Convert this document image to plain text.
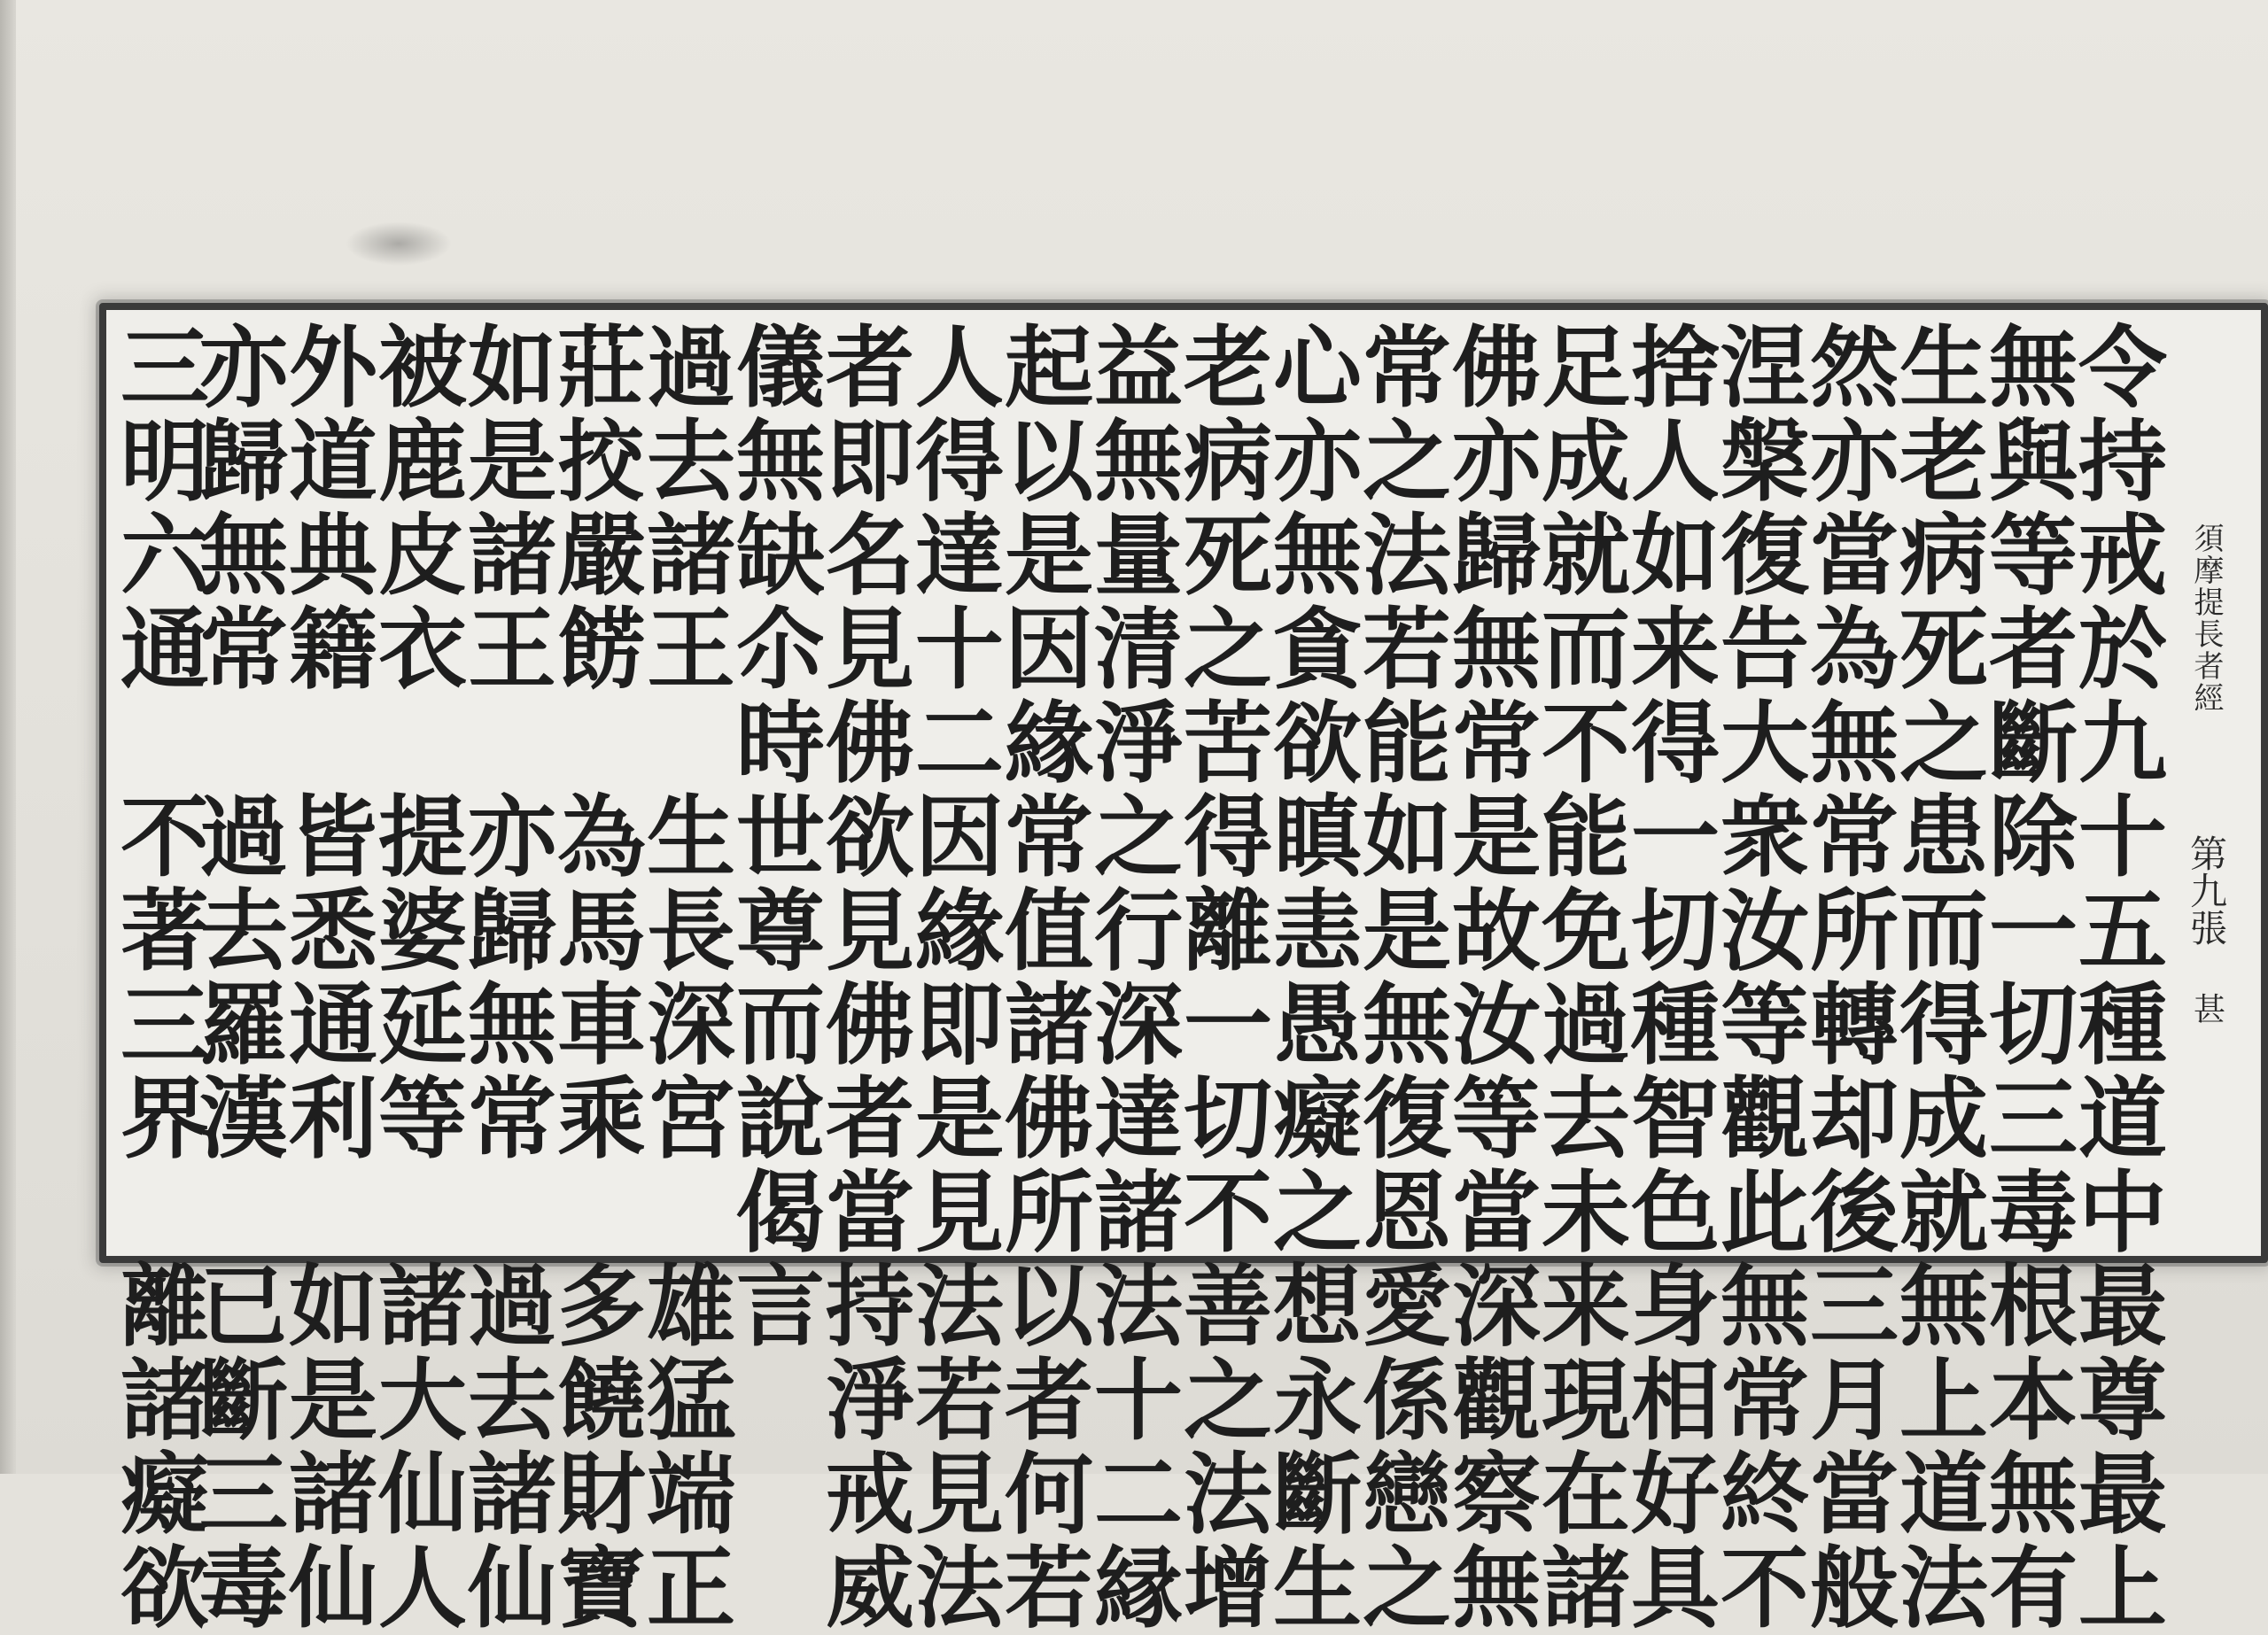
須摩提長者經
第九張
甚
令持戒於九十五種道中最尊最上
無與等者斷除一切三毒根本無有
生老病死之患而得成就無上道法
然亦當為無常所轉却後三月當般
涅槃復告大衆汝等觀此無常終不
捨人如来得一切種智色身相好具
足成就而不能免過去未来現在諸
佛亦歸無常是故汝等當深觀察無
常之法若能如是無復恩愛係戀之
心亦無貪欲瞋恚愚癡之想永斷生
老病死之苦得離一切不善之法增
益無量清淨之行深達諸法十二縁
起以是因緣常值諸佛所以者何若
人得達十二因緣即是見法若見法
者即名見佛欲見佛者當持淨戒威
儀無缺尒時世尊而說偈言
過去諸王　生長深宮　雄猛端正
莊挍嚴餝　為馬車乘　多饒財寶
如是諸王　亦歸無常　過去諸仙
被鹿皮衣　提婆延等　諸大仙人
外道典籍　皆悉通利　如是諸仙
亦歸無常　過去羅漢　已斷三毒
三明六通　不著三界　離諸癡欲
